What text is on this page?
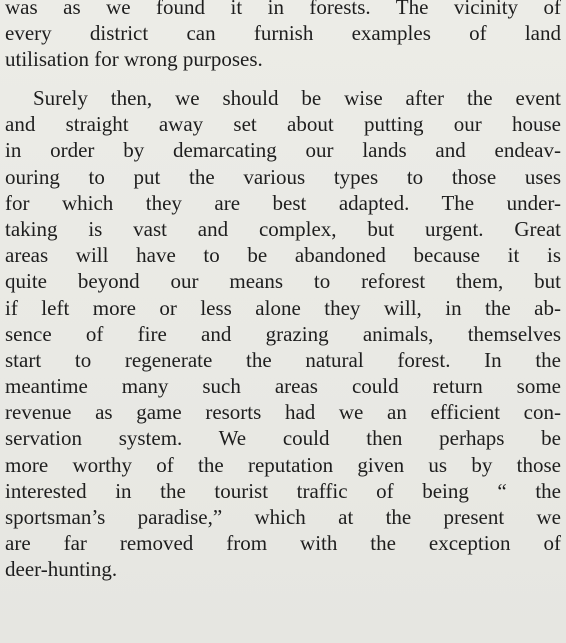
was as we found it in forests. The vicinity of
every district can furnish examples of land
utilisation for wrong purposes.
Surely then, we should be wise after the event
and straight away set about putting our house
in order by demarcating our lands and endeav-
ouring to put the various types to those uses
for which they are best adapted. The under-
taking is vast and complex, but urgent. Great
areas will have to be abandoned because it is
quite beyond our means to reforest them, but
if left more or less alone they will, in the ab-
sence of fire and grazing animals, themselves
start to regenerate the natural forest. In the
meantime many such areas could return some
revenue as game resorts had we an efficient con-
servation system. We could then perhaps be
more worthy of the reputation given us by those
interested in the tourist traffic of being “ the
sportsman’s paradise,” which at the present we
are far removed from with the exception of
deer-hunting.
